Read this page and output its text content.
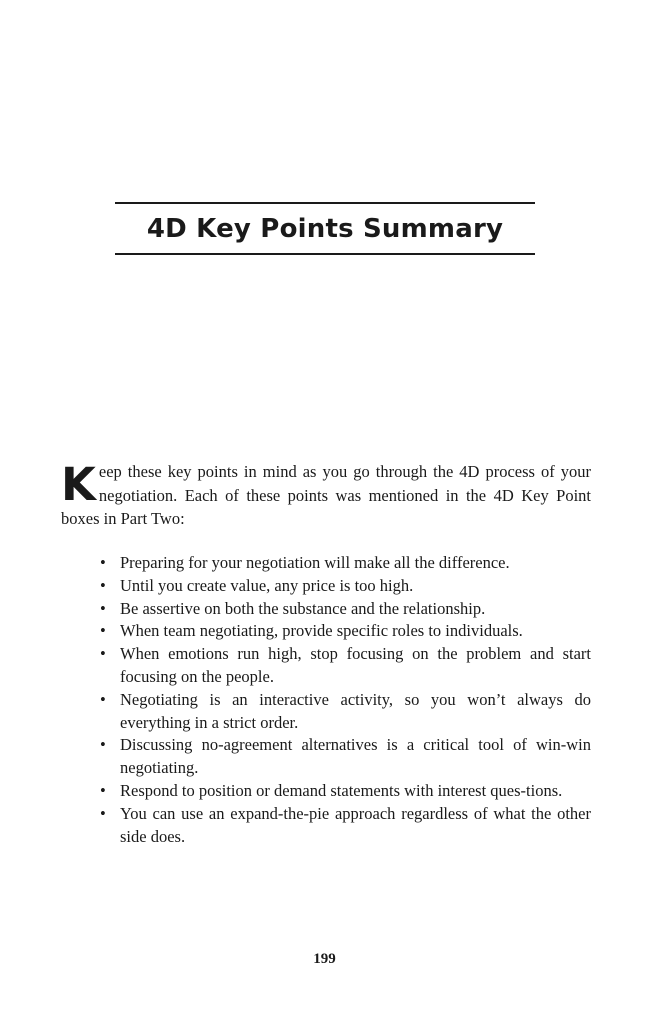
4D Key Points Summary

Keep these key points in mind as you go through the 4D process of your negotiation. Each of these points was mentioned in the 4D Key Point boxes in Part Two:

• Preparing for your negotiation will make all the difference.
• Until you create value, any price is too high.
• Be assertive on both the substance and the relationship.
• When team negotiating, provide specific roles to individuals.
• When emotions run high, stop focusing on the problem and start focusing on the people.
• Negotiating is an interactive activity, so you won’t always do everything in a strict order.
• Discussing no-agreement alternatives is a critical tool of win-win negotiating.
• Respond to position or demand statements with interest ques-tions.
• You can use an expand-the-pie approach regardless of what the other side does.

199
